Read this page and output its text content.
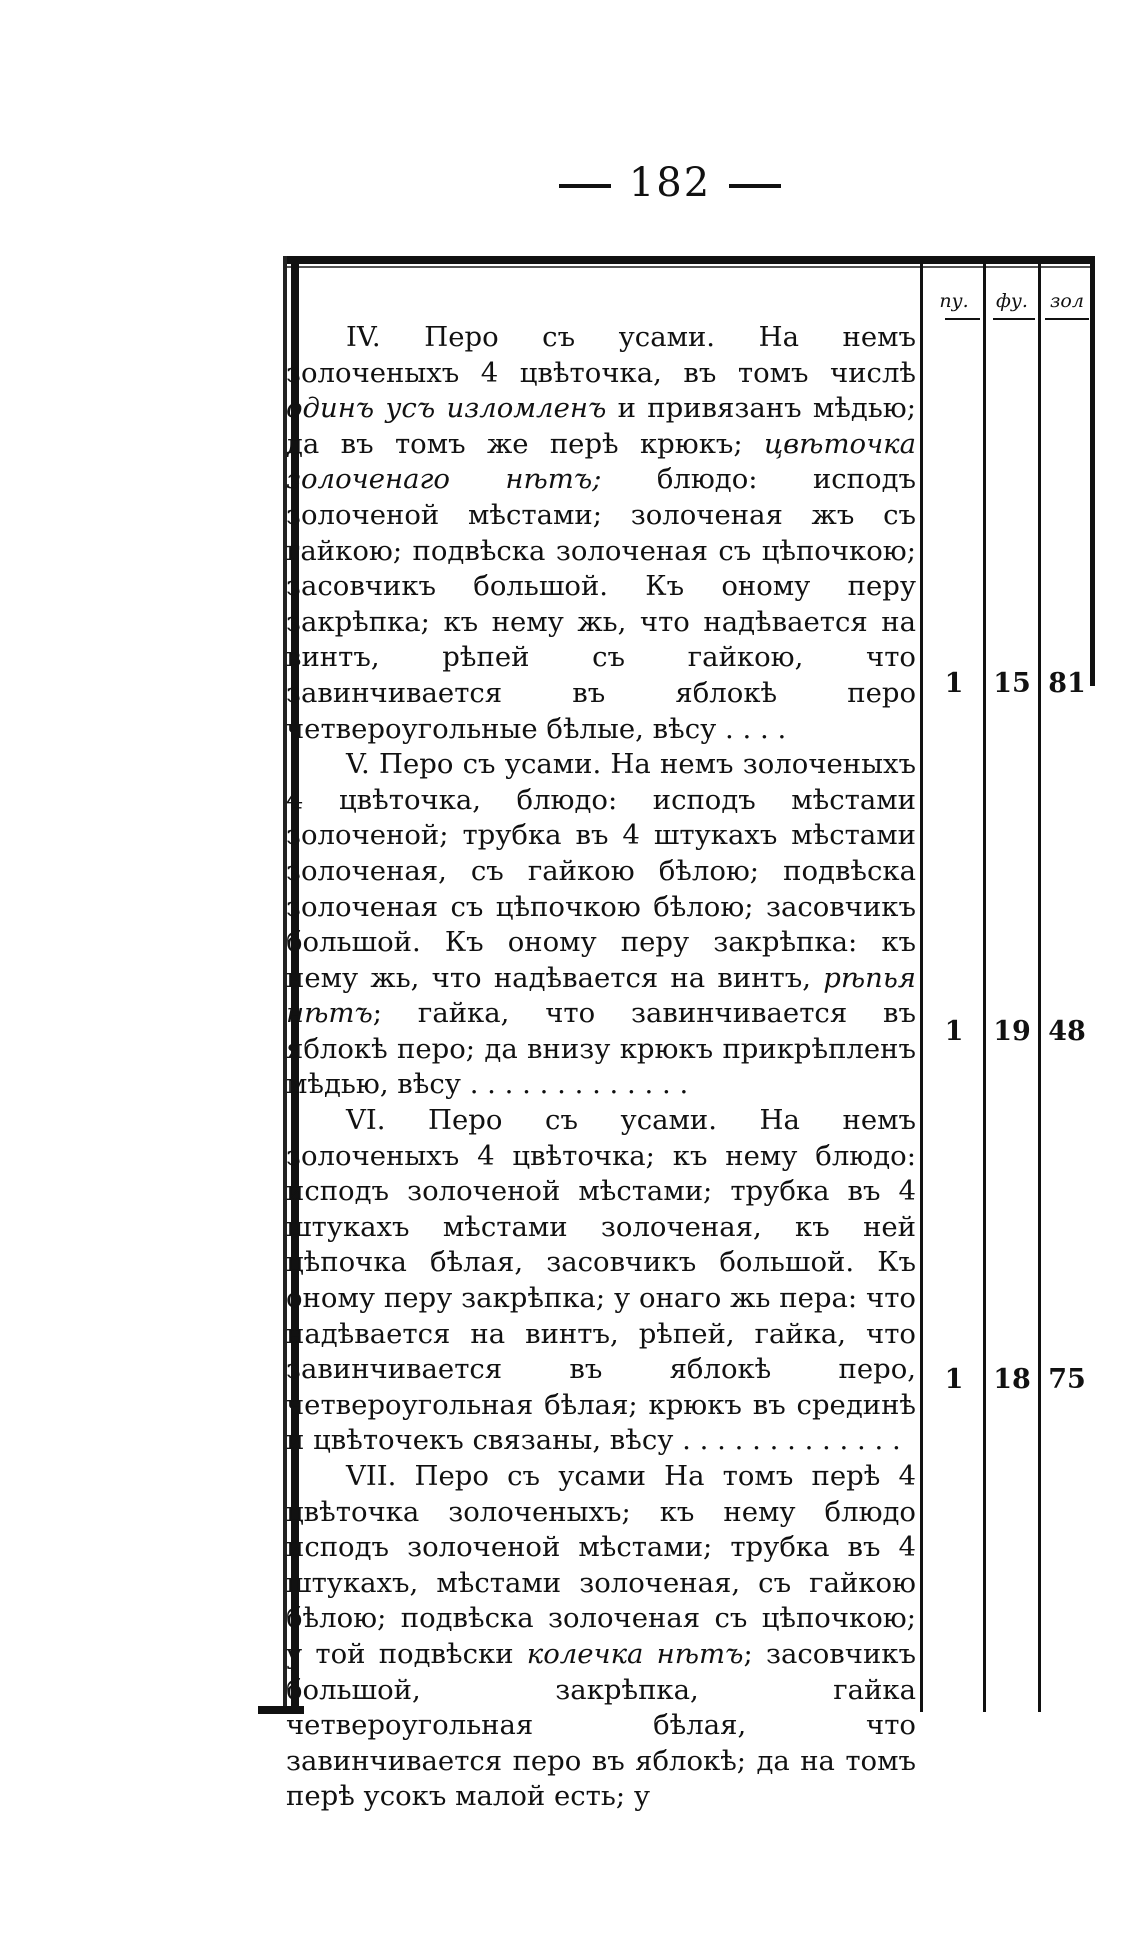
182
пу.	фу.	зол

IV. Перо съ усами. На немъ золоченыхъ 4 цвѣточка, въ томъ числѣ одинъ усъ изломленъ и привязанъ мѣдью; да въ томъ же перѣ крюкъ; цвѣточка золоченаго нѣтъ; блюдо: исподъ золоченой мѣстами; золоченая жъ съ гайкою; подвѣска золоченая съ цѣпочкою; засовчикъ большой. Къ оному перу закрѣпка; къ нему жь, что надѣвается на винтъ, рѣпей съ гайкою, что завинчивается въ яблокѣ перо четвероугольные бѣлые, вѣсу . . . .

V. Перо съ усами. На немъ золоченыхъ 4 цвѣточка, блюдо: исподъ мѣстами золоченой; трубка въ 4 штукахъ мѣстами золоченая, съ гайкою бѣлою; подвѣска золоченая съ цѣпочкою бѣлою; засовчикъ большой. Къ оному перу закрѣпка: къ нему жь, что надѣвается на винтъ, рѣпья нѣтъ; гайка, что завинчивается въ яблокѣ перо; да внизу крюкъ прикрѣпленъ мѣдью, вѣсу . . . . . . . . . . . . .

VI. Перо съ усами. На немъ золоченыхъ 4 цвѣточка; къ нему блюдо: исподъ золоченой мѣстами; трубка въ 4 штукахъ мѣстами золоченая, къ ней цѣпочка бѣлая, засовчикъ большой. Къ оному перу закрѣпка; у онаго жь пера: что надѣвается на винтъ, рѣпей, гайка, что завинчивается въ яблокѣ перо, четвероугольная бѣлая; крюкъ въ срединѣ и цвѣточекъ связаны, вѣсу . . . . . . . . . . . . .

VII. Перо съ усами На томъ перѣ 4 цвѣточка золоченыхъ; къ нему блюдо исподъ золоченой мѣстами; трубка въ 4 штукахъ, мѣстами золоченая, съ гайкою бѣлою; подвѣска золоченая съ цѣпочкою; у той подвѣски колечка нѣтъ; засовчикъ большой, закрѣпка, гайка четвероугольная бѣлая, что завинчивается перо въ яблокѣ; да на томъ перѣ усокъ малой есть; у

1	15 81
1	19 48
1	18 75
